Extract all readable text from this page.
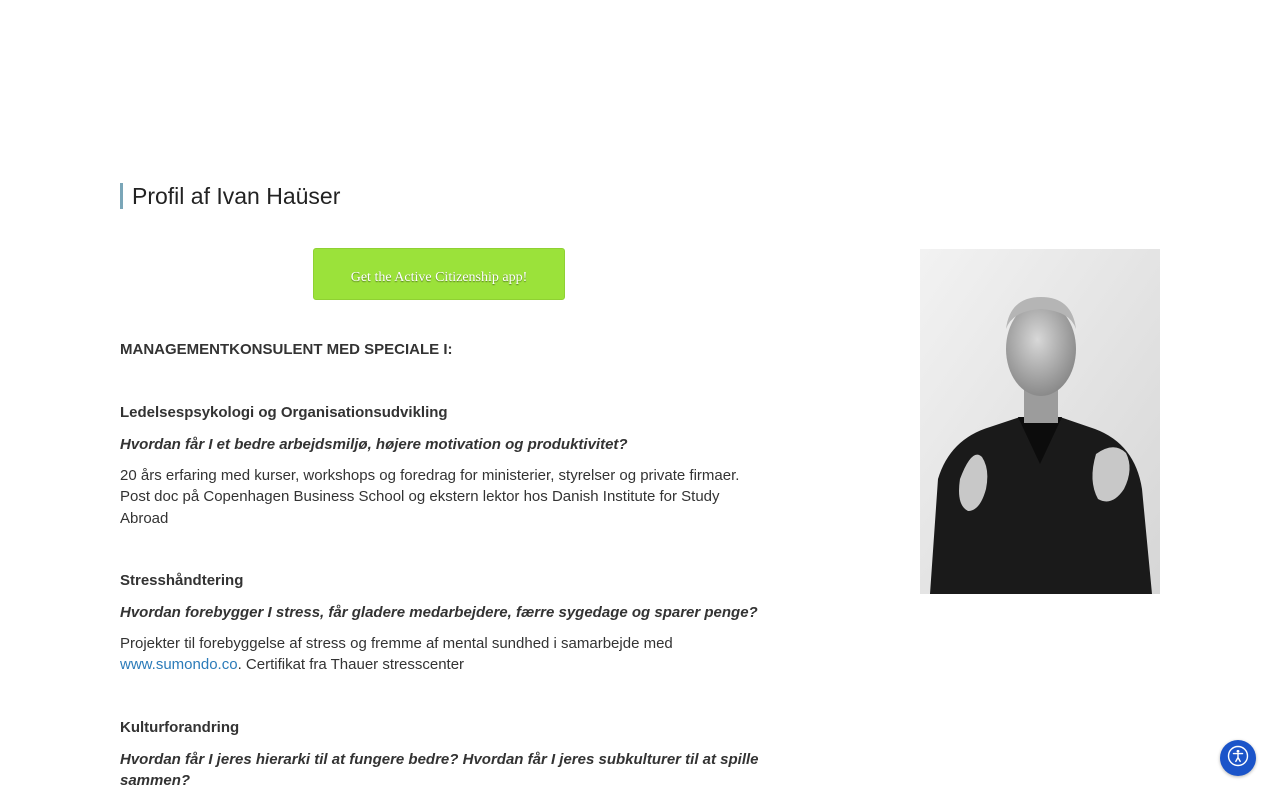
Profil af Ivan Haüser
Get the Active Citizenship app!

MANAGEMENTKONSULENT MED SPECIALE I:

Ledelsespsykologi og Organisationsudvikling

Hvordan får I et bedre arbejdsmiljø, højere motivation og produktivitet?

20 års erfaring med kurser, workshops og foredrag for ministerier, styrelser og private firmaer. Post doc på Copenhagen Business School og ekstern lektor hos Danish Institute for Study Abroad

Stresshåndtering

Hvordan forebygger I stress, får gladere medarbejdere, færre sygedage og sparer penge?

Projekter til forebyggelse af stress og fremme af mental sundhed i samarbejde med www.sumondo.co. Certifikat fra Thauer stresscenter

Kulturforandring

Hvordan får I jeres hierarki til at fungere bedre? Hvordan får I jeres subkulturer til at spille sammen?
